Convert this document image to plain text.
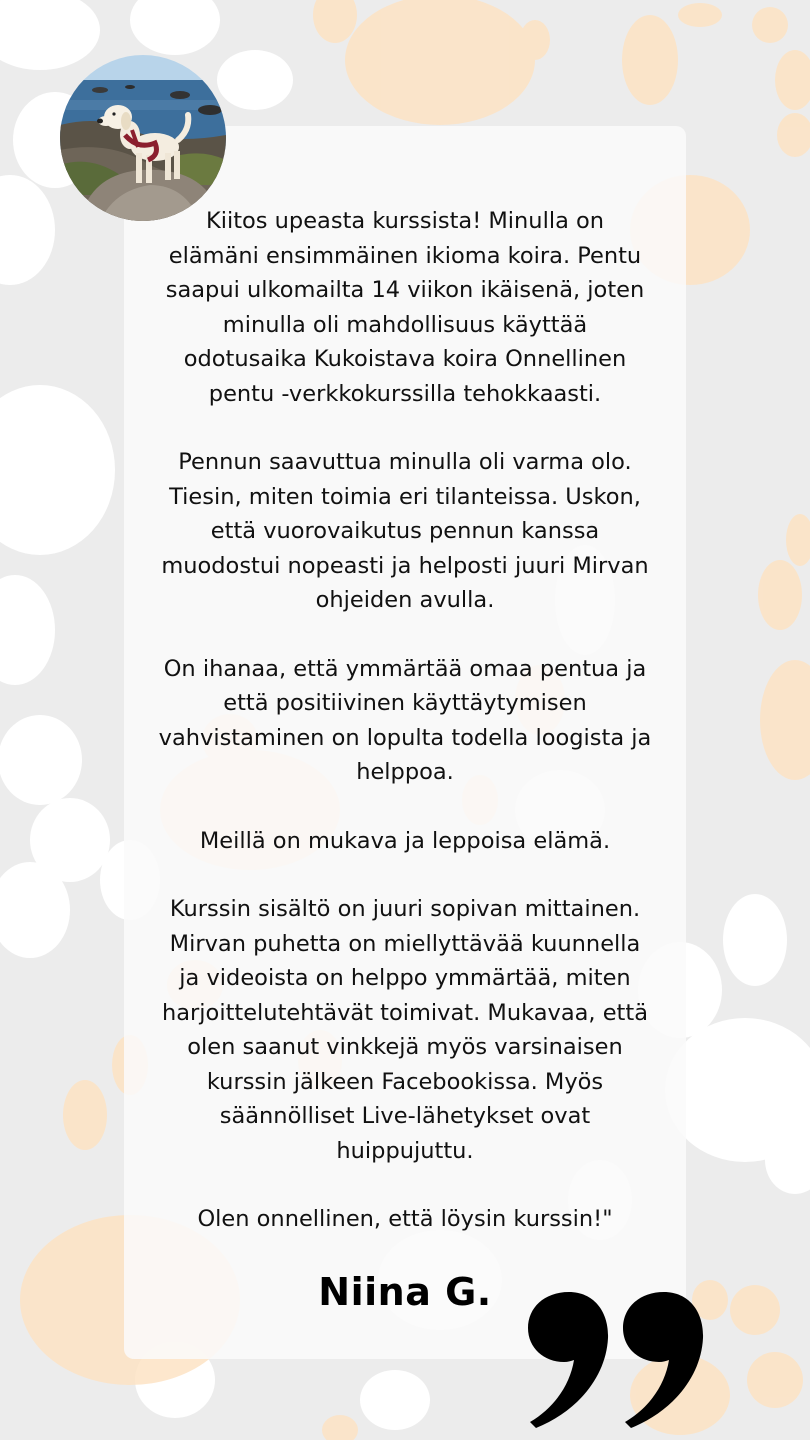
Kiitos upeasta kurssista! Minulla on
elämäni ensimmäinen ikioma koira. Pentu
saapui ulkomailta 14 viikon ikäisenä, joten
minulla oli mahdollisuus käyttää
odotusaika Kukoistava koira Onnellinen
pentu -verkkokurssilla tehokkaasti.

Pennun saavuttua minulla oli varma olo.
Tiesin, miten toimia eri tilanteissa. Uskon,
että vuorovaikutus pennun kanssa
muodostui nopeasti ja helposti juuri Mirvan
ohjeiden avulla.

On ihanaa, että ymmärtää omaa pentua ja
että positiivinen käyttäytymisen
vahvistaminen on lopulta todella loogista ja
helppoa.

Meillä on mukava ja leppoisa elämä.

Kurssin sisältö on juuri sopivan mittainen.
Mirvan puhetta on miellyttävää kuunnella
ja videoista on helppo ymmärtää, miten
harjoittelutehtävät toimivat. Mukavaa, että
olen saanut vinkkejä myös varsinaisen
kurssin jälkeen Facebookissa. Myös
säännölliset Live-lähetykset ovat
huippujuttu.

Olen onnellinen, että löysin kurssin!"

Niina G.
